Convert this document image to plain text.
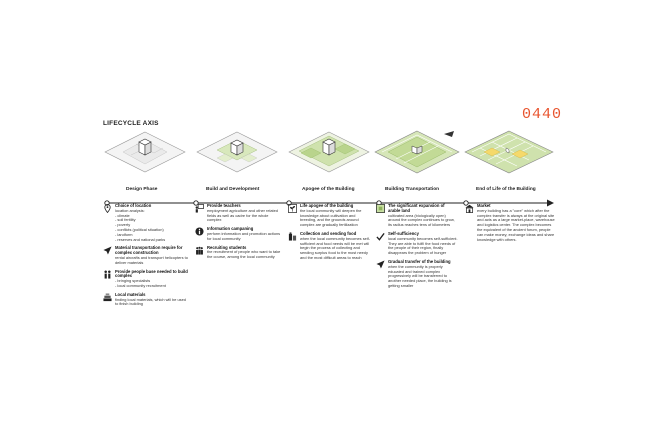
LIFECYCLE AXIS
0440
Design Phase	Build and Development	Apogee of the Building	Building Transportation	End of Life of the Building
Choice of location
location analysis:
- climate
- soil fertility
- poverty
- conflicts (political situation)
- landform
- reserves and national parks
Material transportation require for complex construction
rental aircrafts and transport helicopters to deliver materials
Provide people base needed to build complex
- bringing specialists
- local community recruitment
Local materials
finding local materials, which will be used to finish building
Provide teachers
employment agriculture and other related fields as well as cadre for the whole complex
Information campaning
perform information and promotion actions for local community
Recruiting students
the recruitment of people who want to take the course, among the local community
Life apogee of the building
the local community will deepen the knowledge about cultivation and breeding, and the grounds around complex are gradually fertilization
Collection and sending food
when the local community becomes self-sufficient and food needs will be met will begin the process of collecting and sending surplus food to the most needy and the most difficult areas to reach
The significant expansion of arable land
cultivated area (biologically open) around the complex continues to grow, its radius reaches tens of kilometers
Self-sufficiency
local community becomes self-sufficient. They are able to fulfil the food needs of the people of their region, finally disappears the problem of hunger
Gradual transfer of the building
when the community is properly educated and trained complex progressively will be transferred to another needed place, the building is getting smaller
Market
every building has a "core" which after the complex transfer is always at the original site and acts as a large market-place, warehouse and logistics center. The complex becomes the equivalent of the ancient forum, people can make money, exchange ideas and share knowledge with others.
